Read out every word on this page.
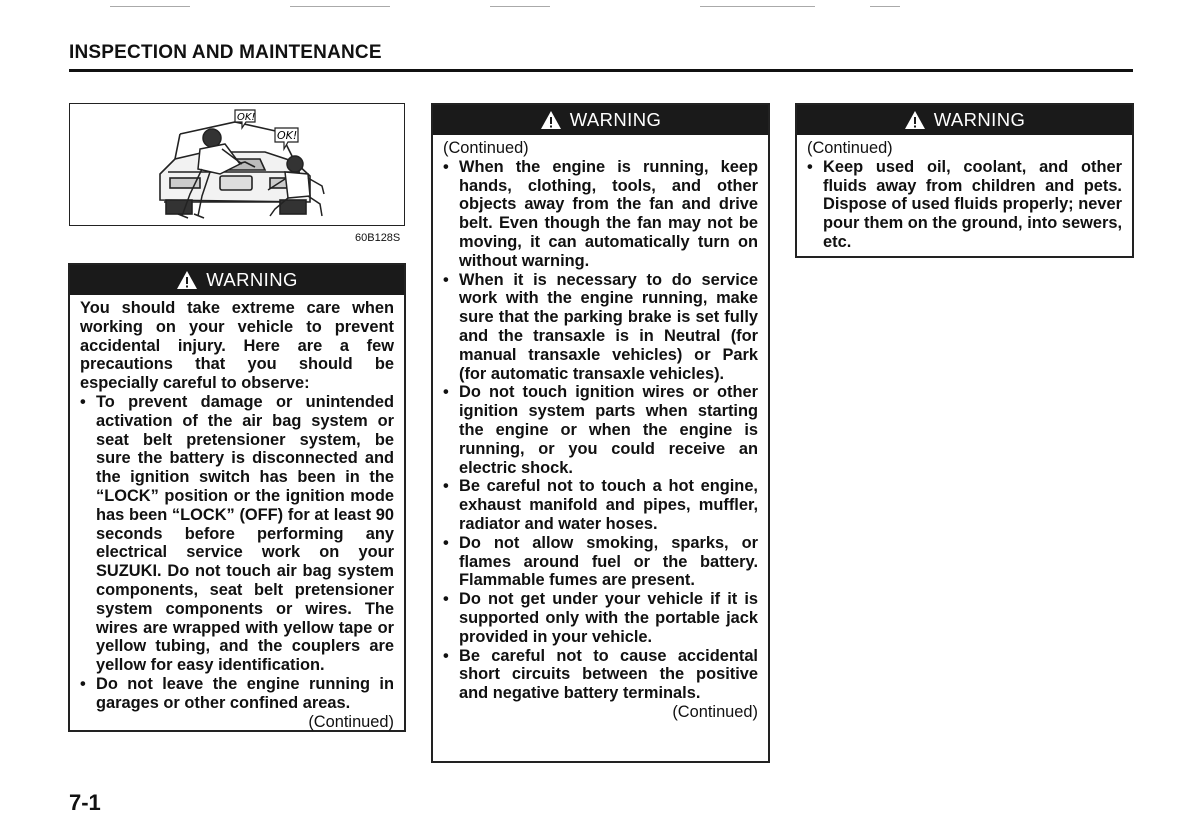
INSPECTION AND MAINTENANCE
OK!
OK!
60B128S
WARNING

You should take extreme care when working on your vehicle to prevent accidental injury. Here are a few precautions that you should be especially careful to observe:

• To prevent damage or unintended activation of the air bag system or seat belt pretensioner system, be sure the battery is disconnected and the ignition switch has been in the “LOCK” position or the ignition mode has been “LOCK” (OFF) for at least 90 seconds before performing any electrical service work on your SUZUKI. Do not touch air bag system components, seat belt pretensioner system components or wires. The wires are wrapped with yellow tape or yellow tubing, and the couplers are yellow for easy identification.
• Do not leave the engine running in garages or other confined areas.
(Continued)
WARNING
(Continued)
• When the engine is running, keep hands, clothing, tools, and other objects away from the fan and drive belt. Even though the fan may not be moving, it can automatically turn on without warning.
• When it is necessary to do service work with the engine running, make sure that the parking brake is set fully and the transaxle is in Neutral (for manual transaxle vehicles) or Park (for automatic transaxle vehicles).
• Do not touch ignition wires or other ignition system parts when starting the engine or when the engine is running, or you could receive an electric shock.
• Be careful not to touch a hot engine, exhaust manifold and pipes, muffler, radiator and water hoses.
• Do not allow smoking, sparks, or flames around fuel or the battery. Flammable fumes are present.
• Do not get under your vehicle if it is supported only with the portable jack provided in your vehicle.
• Be careful not to cause accidental short circuits between the positive and negative battery terminals.
(Continued)
WARNING
(Continued)
• Keep used oil, coolant, and other fluids away from children and pets. Dispose of used fluids properly; never pour them on the ground, into sewers, etc.
7-1
